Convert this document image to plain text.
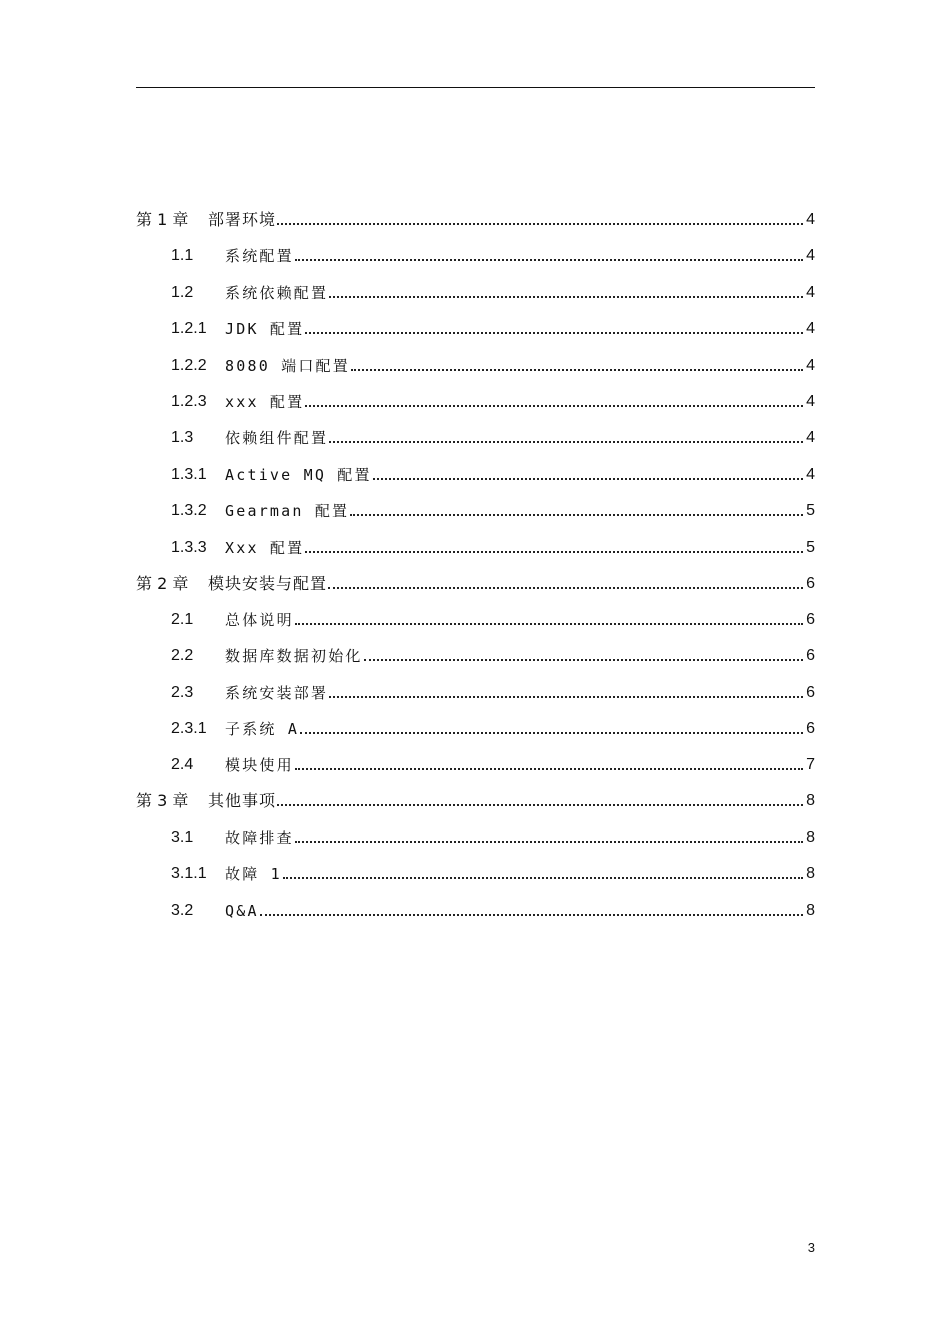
第 1 章	部署环境	4
1.1	系统配置	4
1.2	系统依赖配置	4
1.2.1	JDK 配置	4
1.2.2	8080 端口配置	4
1.2.3	xxx 配置	4
1.3	依赖组件配置	4
1.3.1	Active MQ 配置	4
1.3.2	Gearman 配置	5
1.3.3	Xxx 配置	5
第 2 章	模块安装与配置	6
2.1	总体说明	6
2.2	数据库数据初始化	6
2.3	系统安装部署	6
2.3.1	子系统 A	6
2.4	模块使用	7
第 3 章	其他事项	8
3.1	故障排查	8
3.1.1	故障 1	8
3.2	Q&A	8
3
